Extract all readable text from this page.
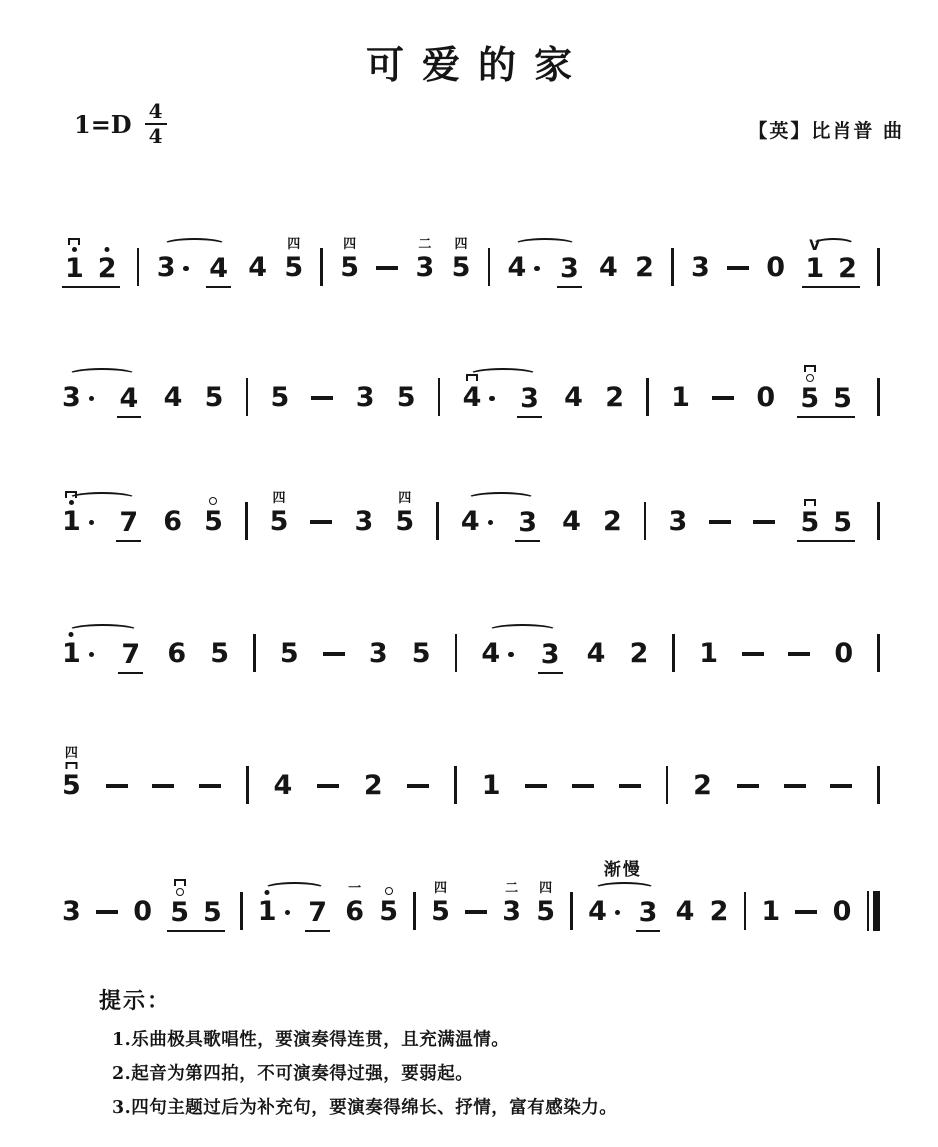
可爱的家
$1=D \frac{4}{4}$	【英】比肖普 曲
1 2 3 4 4 5
四
5
四
3
二
5
四
4 3 4 2 3 0 1
V
2
3 4 4 5 5 3 5 4 3 4 2 1 0 5 5
1 7 6 5 5
四
3 5
四
4 3 4 2 3	5 5
1 7 6 5 5	3 5 4 3 4 2 1	0
5
四
4	2	1	2
3 0 5 5 1 7 6
一
5 5
四
3
二
5
四
4 3 4 2 1 0
渐慢
提示：
1.乐曲极具歌唱性，要演奏得连贯，且充满温情。
2.起音为第四拍，不可演奏得过强，要弱起。
3.四句主题过后为补充句，要演奏得绵长、抒情，富有感染力。
